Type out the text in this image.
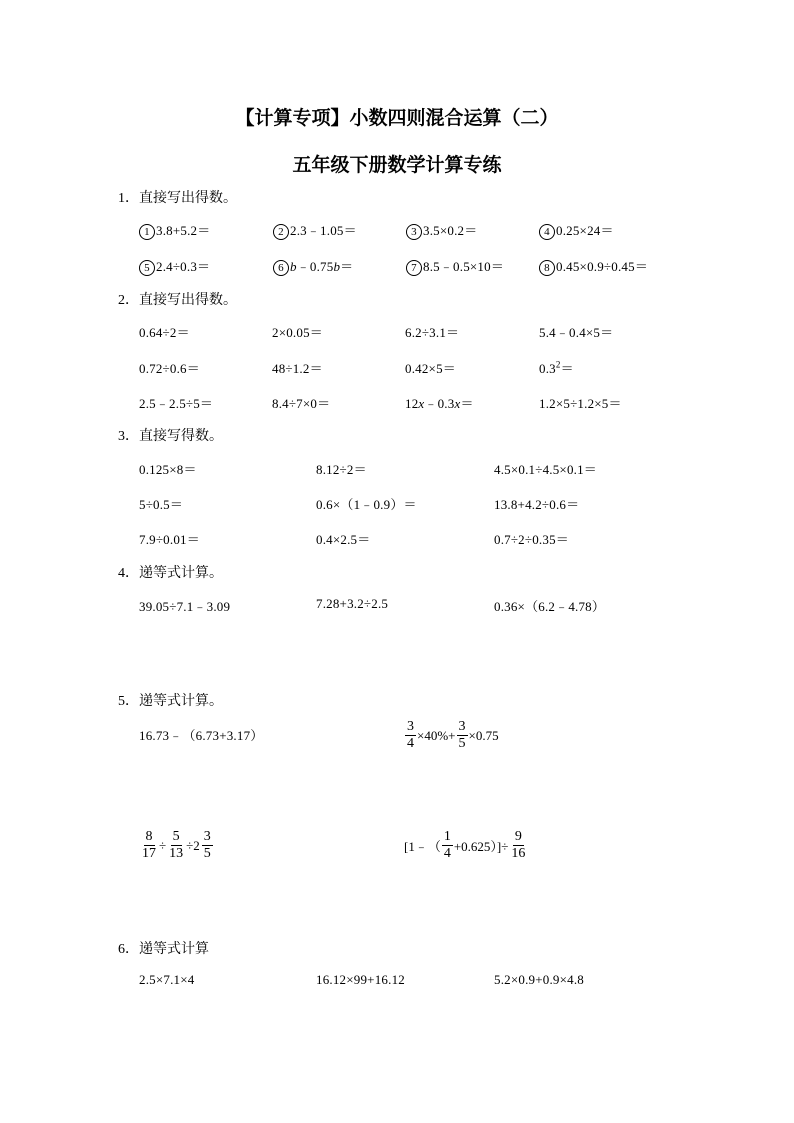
【计算专项】小数四则混合运算（二）
五年级下册数学计算专练
1．直接写出得数。
1 3.8+5.2＝	2 2.3﹣1.05＝	3 3.5×0.2＝	4 0.25×24＝
5 2.4÷0.3＝	6 b﹣0.75b＝	7 8.5﹣0.5×10＝	8 0.45×0.9÷0.45＝
2．直接写出得数。
0.64÷2＝	2×0.05＝	6.2÷3.1＝	5.4﹣0.4×5＝
0.72÷0.6＝	48÷1.2＝	0.42×5＝	$0.3^2=$
2.5﹣2.5÷5＝	8.4÷7×0＝	12x﹣0.3x＝	1.2×5÷1.2×5＝
3．直接写得数。
0.125×8＝	8.12÷2＝	4.5×0.1÷4.5×0.1＝
5÷0.5＝	0.6×（1﹣0.9）＝	13.8+4.2÷0.6＝
7.9÷0.01＝	0.4×2.5＝	0.7÷2÷0.35＝
4．递等式计算。
39.05÷7.1﹣3.09	7.28+3.2÷2.5	0.36×（6.2﹣4.78）
5．递等式计算。
16.73﹣（6.73+3.17）	$\frac{3}{4} \times 40\%+ \frac{3}{5} \times 0.75$
$\frac{8}{17} \div \frac{5}{13} \div 2 \frac{3}{5}$	[1﹣（ $\frac{1}{4} +0.625)]\div \frac{9}{16}$
6．递等式计算
2.5×7.1×4	16.12×99+16.12	5.2×0.9+0.9×4.8
